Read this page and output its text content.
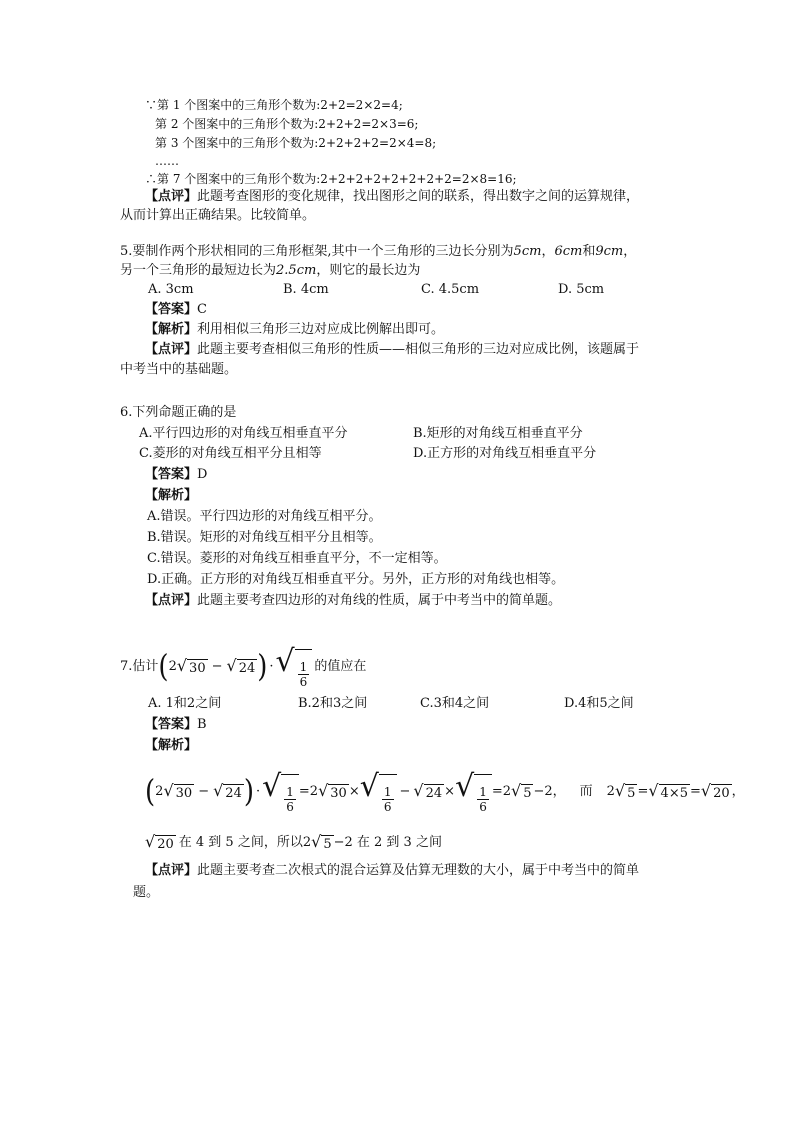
∵第 1 个图案中的三角形个数为:2+2=2×2=4;
第 2 个图案中的三角形个数为:2+2+2=2×3=6;
第 3 个图案中的三角形个数为:2+2+2+2=2×4=8;
……
∴第 7 个图案中的三角形个数为:2+2+2+2+2+2+2+2=2×8=16;
【点评】此题考查图形的变化规律，找出图形之间的联系，得出数字之间的运算规律，
从而计算出正确结果。比较简单。
5.要制作两个形状相同的三角形框架,其中一个三角形的三边长分别为5cm，6cm和9cm，
另一个三角形的最短边长为2.5cm，则它的最长边为
A. 3cm	B. 4cm	C. 4.5cm	D. 5cm
【答案】C
【解析】利用相似三角形三边对应成比例解出即可。
【点评】此题主要考查相似三角形的性质——相似三角形的三边对应成比例，该题属于
中考当中的基础题。
6.下列命题正确的是
A.平行四边形的对角线互相垂直平分	B.矩形的对角线互相垂直平分
C.菱形的对角线互相平分且相等	D.正方形的对角线互相垂直平分
【答案】D
【解析】
A.错误。平行四边形的对角线互相平分。
B.错误。矩形的对角线互相平分且相等。
C.错误。菱形的对角线互相垂直平分，不一定相等。
D.正确。正方形的对角线互相垂直平分。另外，正方形的对角线也相等。
【点评】此题主要考查四边形的对角线的性质，属于中考当中的简单题。
7.估计 ( 2 √ 30 − √ 24 ) · √ $\frac{1}{6}$ 的值应在
A. 1和2之间	B.2和3之间	C.3和4之间	D.4和5之间
【答案】B
【解析】
( 2 √ 30 − √ 24 ) · √ $\frac{1}{6} =2$ √ 30 × √ $\frac{1}{6}$ − √ 24 × √ $\frac{1}{6} =2$ √ 5 −2， 而 2 √ 5 = √ 4×5 = √ 20 ，
√ 20 在 4 到 5 之间，所以 2 √ 5 −2 在 2 到 3 之间
【点评】此题主要考查二次根式的混合运算及估算无理数的大小，属于中考当中的简单
题。
